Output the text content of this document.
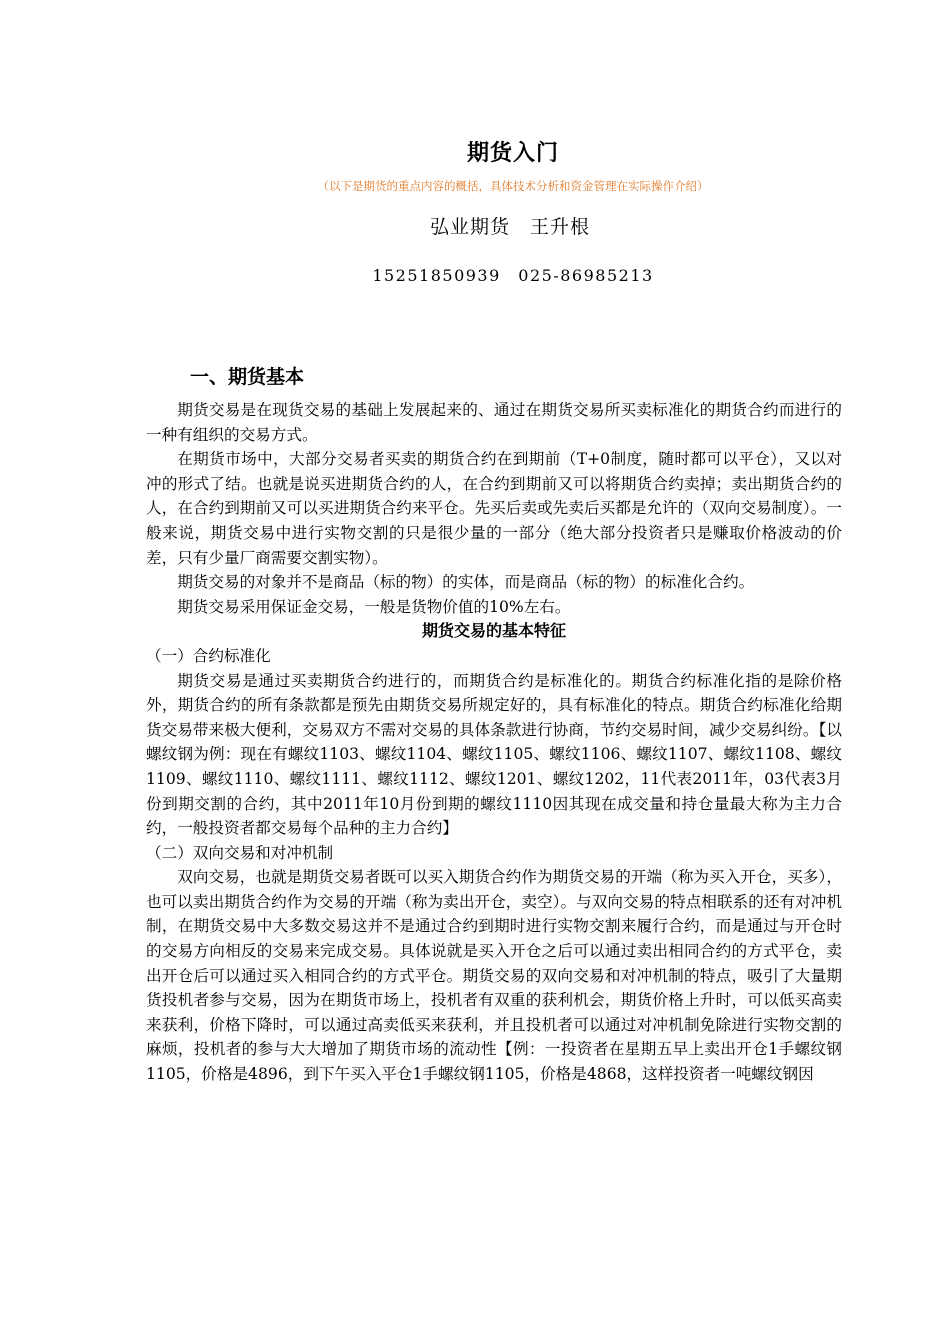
期货入门
（以下是期货的重点内容的概括，具体技术分析和资金管理在实际操作介绍）
弘业期货　王升根
15251850939　025-86985213
一、期货基本

期货交易是在现货交易的基础上发展起来的、通过在期货交易所买卖标准化的期货合约而进行的一种有组织的交易方式。

在期货市场中，大部分交易者买卖的期货合约在到期前（T+0制度，随时都可以平仓），又以对冲的形式了结。也就是说买进期货合约的人，在合约到期前又可以将期货合约卖掉；卖出期货合约的人，在合约到期前又可以买进期货合约来平仓。先买后卖或先卖后买都是允许的（双向交易制度）。一般来说，期货交易中进行实物交割的只是很少量的一部分（绝大部分投资者只是赚取价格波动的价差，只有少量厂商需要交割实物）。

期货交易的对象并不是商品（标的物）的实体，而是商品（标的物）的标准化合约。

期货交易采用保证金交易，一般是货物价值的10%左右。

期货交易的基本特征

（一）合约标准化

期货交易是通过买卖期货合约进行的，而期货合约是标准化的。期货合约标准化指的是除价格外，期货合约的所有条款都是预先由期货交易所规定好的，具有标准化的特点。期货合约标准化给期货交易带来极大便利，交易双方不需对交易的具体条款进行协商，节约交易时间，减少交易纠纷。【以螺纹钢为例：现在有螺纹1103、螺纹1104、螺纹1105、螺纹1106、螺纹1107、螺纹1108、螺纹1109、螺纹1110、螺纹1111、螺纹1112、螺纹1201、螺纹1202，11代表2011年，03代表3月份到期交割的合约，其中2011年10月份到期的螺纹1110因其现在成交量和持仓量最大称为主力合约，一般投资者都交易每个品种的主力合约】

（二）双向交易和对冲机制

双向交易，也就是期货交易者既可以买入期货合约作为期货交易的开端（称为买入开仓，买多），也可以卖出期货合约作为交易的开端（称为卖出开仓，卖空）。与双向交易的特点相联系的还有对冲机制，在期货交易中大多数交易这并不是通过合约到期时进行实物交割来履行合约，而是通过与开仓时的交易方向相反的交易来完成交易。具体说就是买入开仓之后可以通过卖出相同合约的方式平仓，卖出开仓后可以通过买入相同合约的方式平仓。期货交易的双向交易和对冲机制的特点，吸引了大量期货投机者参与交易，因为在期货市场上，投机者有双重的获利机会，期货价格上升时，可以低买高卖来获利，价格下降时，可以通过高卖低买来获利，并且投机者可以通过对冲机制免除进行实物交割的麻烦，投机者的参与大大增加了期货市场的流动性【例：一投资者在星期五早上卖出开仓1手螺纹钢1105，价格是4896，到下午买入平仓1手螺纹钢1105，价格是4868，这样投资者一吨螺纹钢因
